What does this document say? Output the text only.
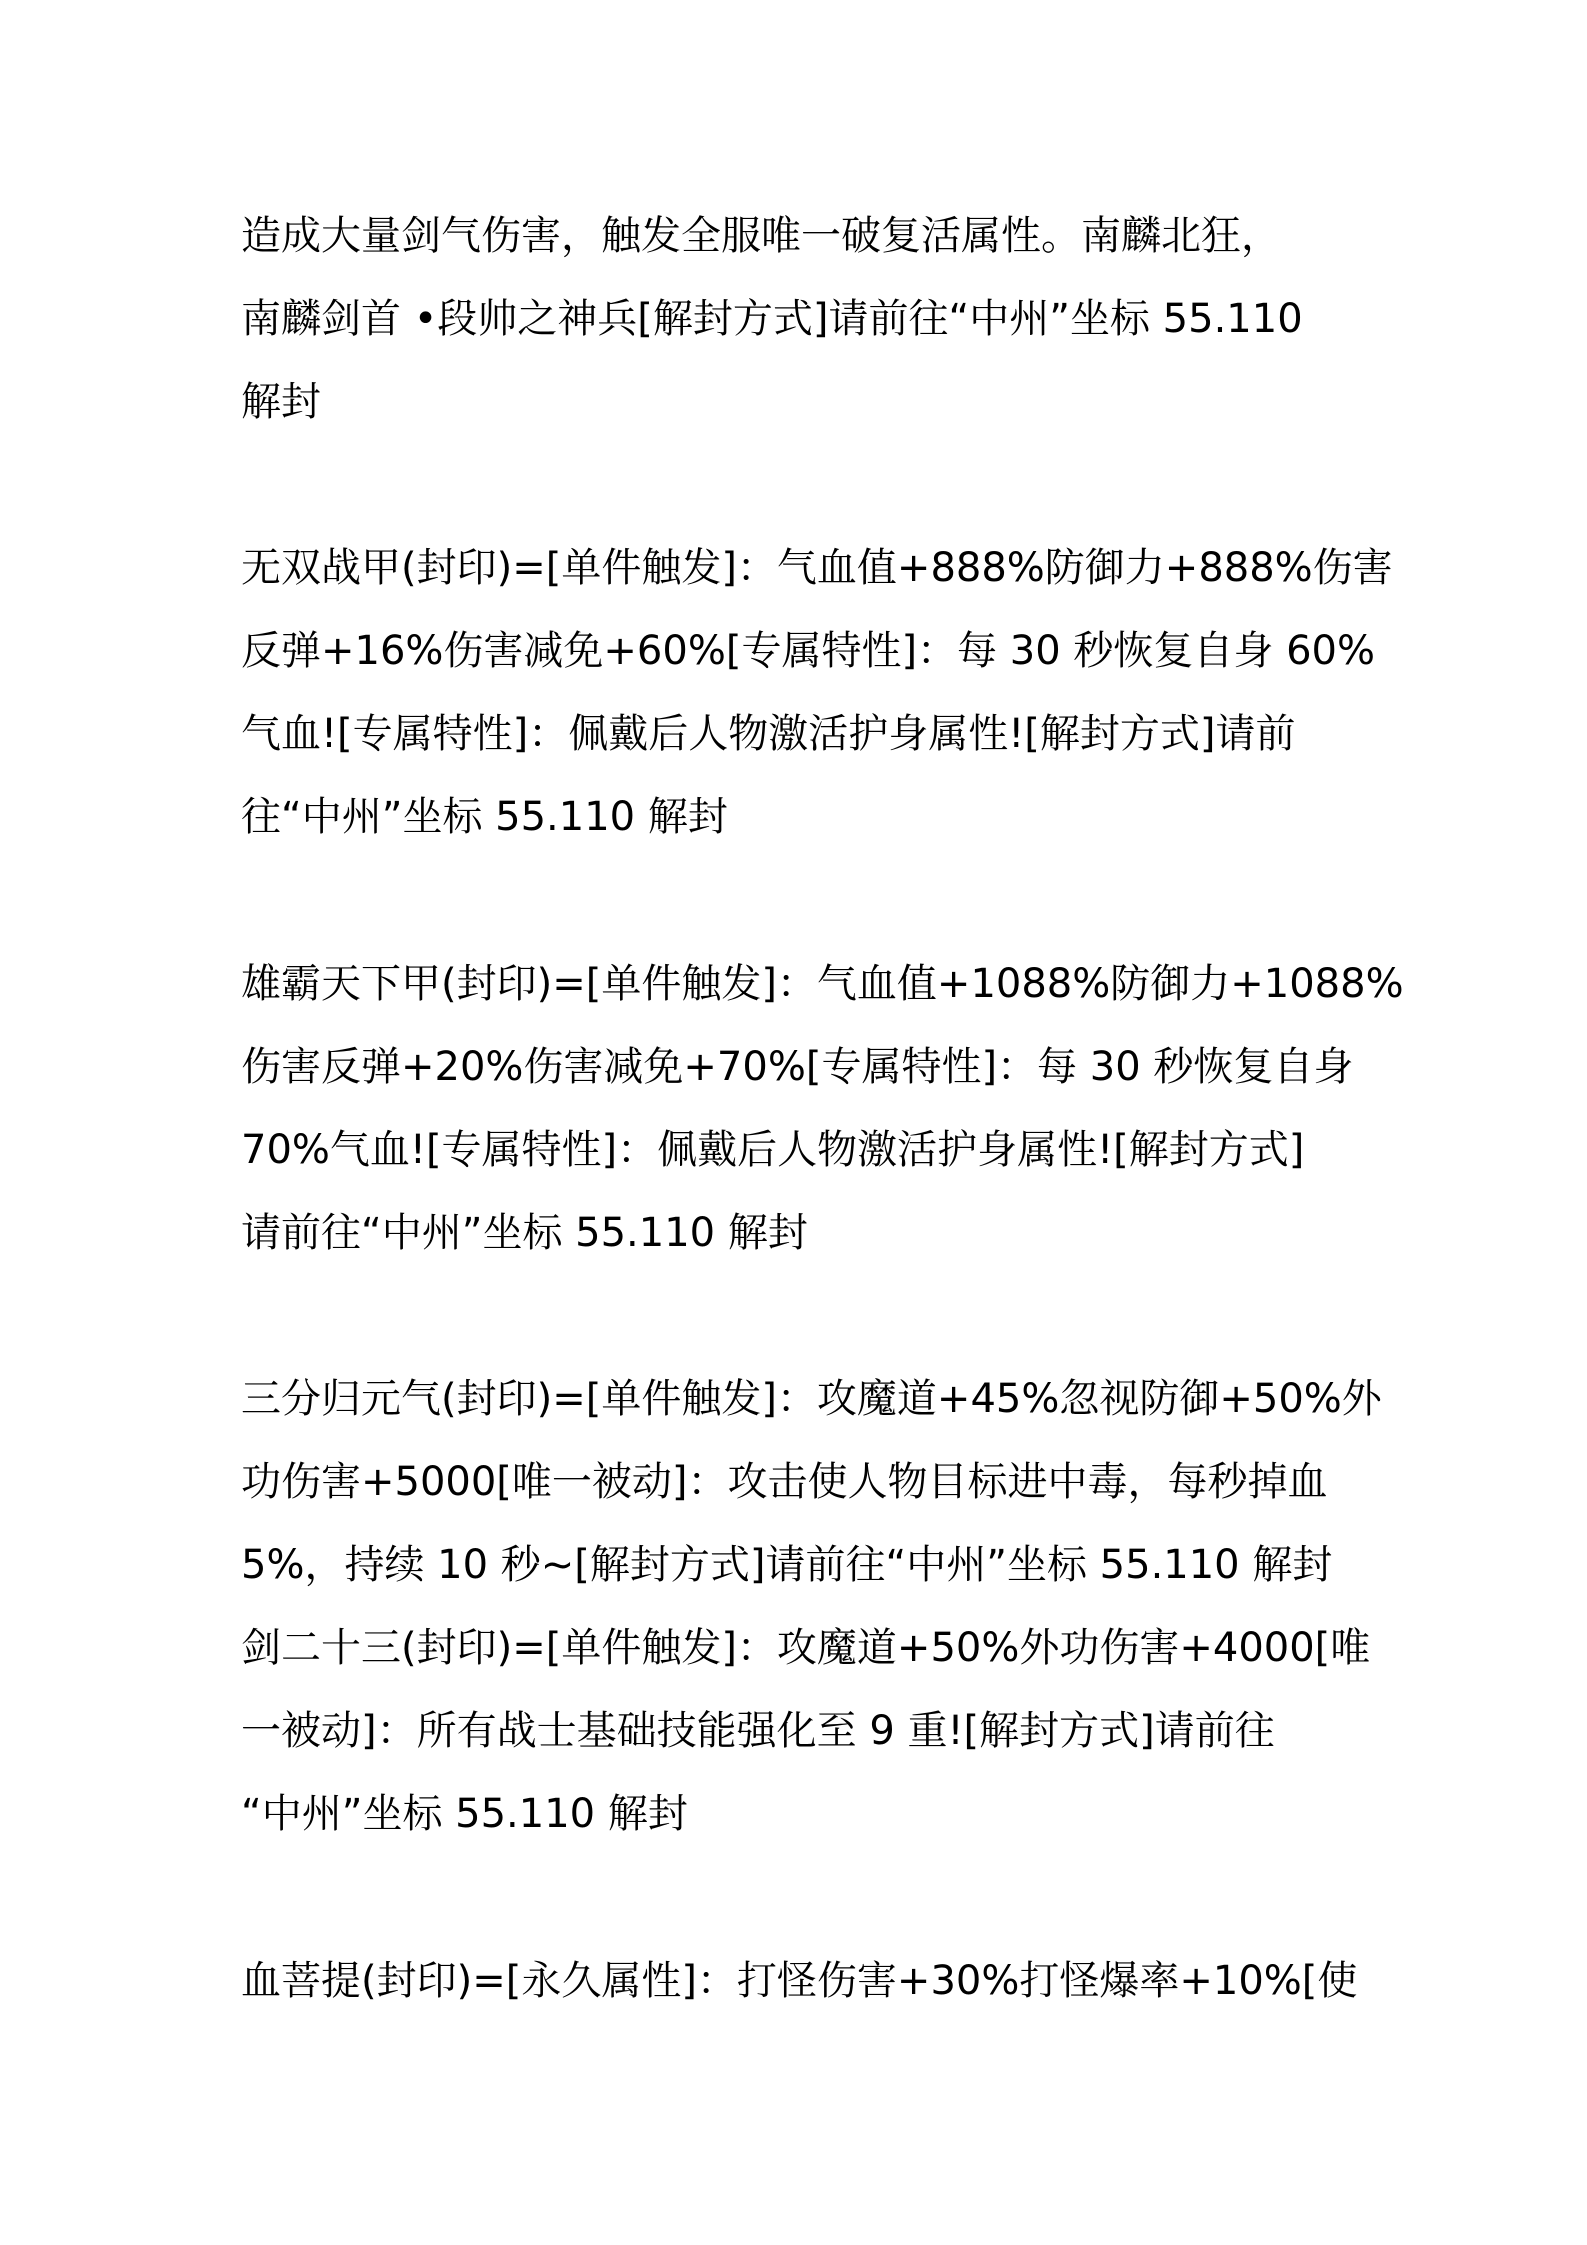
造成大量剑气伤害，触发全服唯一破复活属性。南麟北狂，
南麟剑首 •段帅之神兵[解封方式]请前往“中州”坐标 55.110
解封
无双战甲(封印)=[单件触发]：气血值+888%防御力+888%伤害
反弹+16%伤害减免+60%[专属特性]：每 30 秒恢复自身 60%
气血![专属特性]：佩戴后人物激活护身属性![解封方式]请前
往“中州”坐标 55.110 解封
雄霸天下甲(封印)=[单件触发]：气血值+1088%防御力+1088%
伤害反弹+20%伤害减免+70%[专属特性]：每 30 秒恢复自身
70%气血![专属特性]：佩戴后人物激活护身属性![解封方式]
请前往“中州”坐标 55.110 解封
三分归元气(封印)=[单件触发]：攻魔道+45%忽视防御+50%外
功伤害+5000[唯一被动]：攻击使人物目标进中毒，每秒掉血
5%，持续 10 秒~[解封方式]请前往“中州”坐标 55.110 解封
剑二十三(封印)=[单件触发]：攻魔道+50%外功伤害+4000[唯
一被动]：所有战士基础技能强化至 9 重![解封方式]请前往
“中州”坐标 55.110 解封
血菩提(封印)=[永久属性]：打怪伤害+30%打怪爆率+10%[使
